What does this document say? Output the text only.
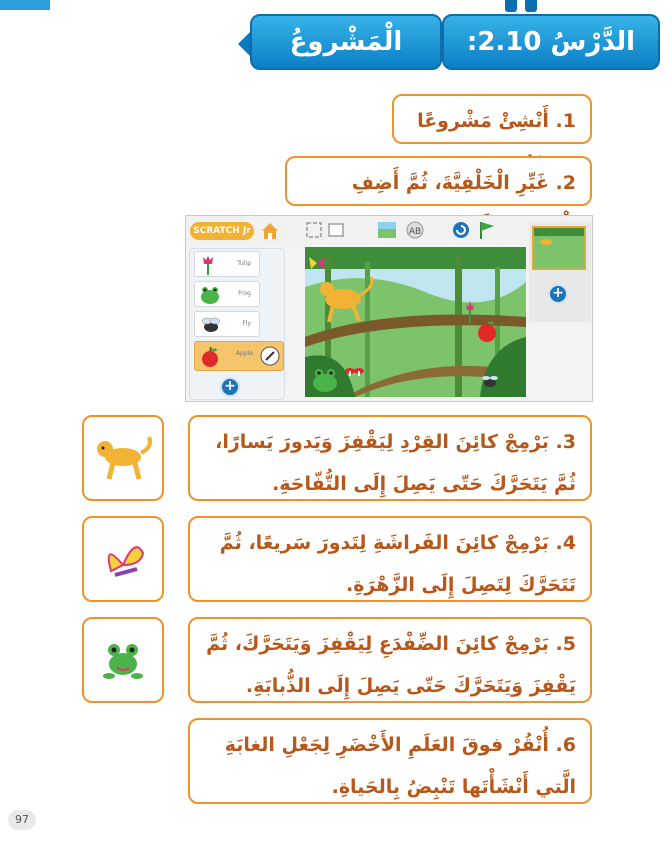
الْمَشْروعُ	الدَّرْسُ 2.10:
1. أَنْشِئْ مَشْروعًا
2. غَيِّرِ الْخَلْفِيَّةَ، ثُمَّ أَضِفِ
SCRATCH Jr	AB
Tulip
Frog
Fly
Apple
+
+
3. بَرْمِجْ كائِنَ القِرْدِ لِيَقْفِزَ وَيَدورَ يَسارًا، ثُمَّ يَتَحَرَّكَ حَتّى يَصِلَ إِلَى التُّفّاحَةِ.
4. بَرْمِجْ كائِنَ الفَراشَةِ لِتَدورَ سَريعًا، ثُمَّ تَتَحَرَّكَ لِتَصِلَ إِلَى الزَّهْرَةِ.
5. بَرْمِجْ كائِنَ الضِّفْدَعِ لِيَقْفِزَ وَيَتَحَرَّكَ، ثُمَّ يَقْفِزَ وَيَتَحَرَّكَ حَتّى يَصِلَ إِلَى الذُّبابَةِ.
6. أُنْقُرْ فوقَ العَلَمِ الأَخْضَرِ لِجَعْلِ الغابَةِ الَّتي أَنْشَأْتَها تَنْبِضُ بِالحَياةِ.
97
